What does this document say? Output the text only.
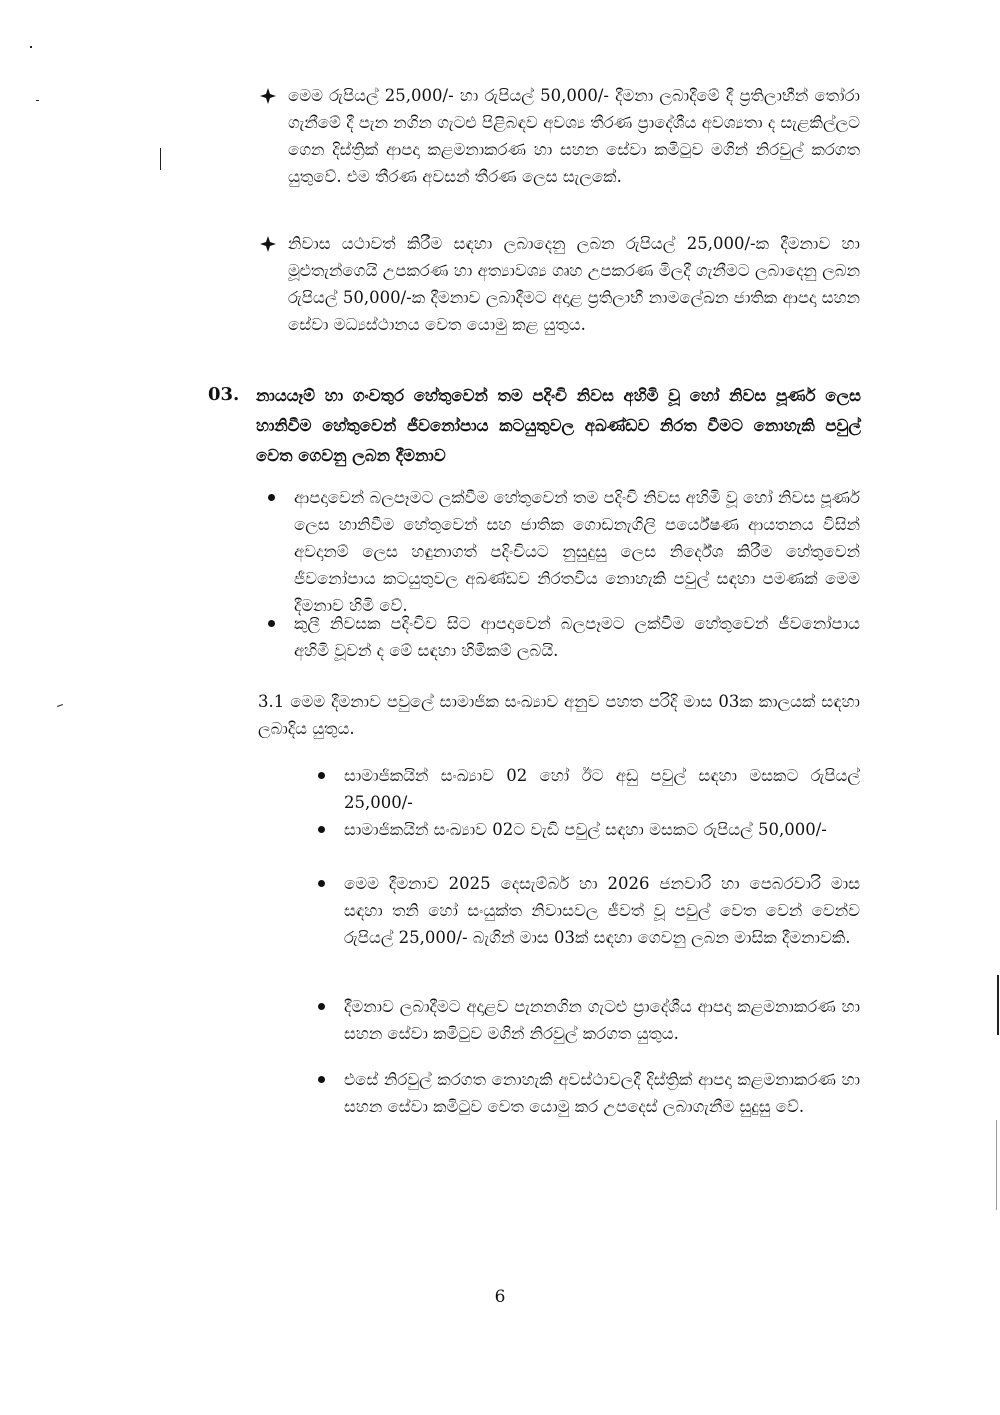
මෙම රුපියල් 25,000/- හා රුපියල් 50,000/- දීමනා ලබාදීමේ දී ප්‍රතිලාභීන් තෝරා ගැනීමේ දී පැන නගින ගැටළු පිළිබඳව අවශ්‍ය තීරණ ප්‍රාදේශීය අවශ්‍යතා ද සැළකිල්ලට ගෙන දිස්ත්‍රික් ආපදා කළමනාකරණ හා සහන සේවා කමිටුව මගින් නිරවුල් කරගත යුතුවේ. එම තීරණ අවසන් තීරණ ලෙස සැලකේ.
නිවාස යථාවත් කිරීම සඳහා ලබාදෙනු ලබන රුපියල් 25,000/-ක දීමනාව හා මූළුතැන්ගෙයි උපකරණ හා අත්‍යාවශ්‍ය ගෘහ උපකරණ මිලදී ගැනීමට ලබාදෙනු ලබන රුපියල් 50,000/-ක දීමනාව ලබාදීමට අදාළ ප්‍රතිලාභී නාමලේඛන ජාතික ආපදා සහන සේවා මධ්‍යස්ථානය වෙත යොමු කළ යුතුය.
03. නායයෑම් හා ගංවතුර හේතුවෙන් තම පදිංචි නිවස අහිමි වූ හෝ නිවස පූර්ණ ලෙස හානිවීම හේතුවෙන් ජීවනෝපාය කටයුතුවල අඛණ්ඩව නිරත වීමට නොහැකි පවුල් වෙත ගෙවනු ලබන දීමනාව
ආපදාවෙන් බලපෑමට ලක්වීම හේතුවෙන් තම පදිංචි නිවස අහිමි වූ හෝ නිවස පූර්ණ ලෙස හානිවීම හේතුවෙන් සහ ජාතික ගොඩනැගිලි පර්යේෂණ ආයතනය විසින් අවදානම් ලෙස හඳුනාගත් පදිංචියට නුසුදුසු ලෙස නිර්දේශ කිරීම හේතුවෙන් ජීවනෝපාය කටයුතුවල අඛණ්ඩව නිරතවිය නොහැකි පවුල් සඳහා පමණක් මෙම දීමනාව හිමි වේ.
කුලී නිවසක පදිංචිව සිට ආපදාවෙන් බලපෑමට ලක්වීම හේතුවෙන් ජීවනෝපාය අහිමි වූවන් ද මේ සඳහා හිමිකම් ලබයි.
3.1 මෙම දීමනාව පවුලේ සාමාජික සංඛ්‍යාව අනුව පහත පරිදි මාස 03ක කාලයක් සඳහා ලබාදිය යුතුය.
සාමාජිකයින් සංඛ්‍යාව 02 හෝ ඊට අඩු පවුල් සඳහා මසකට රුපියල් 25,000/-
සාමාජිකයින් සංඛ්‍යාව 02ට වැඩි පවුල් සඳහා මසකට රුපියල් 50,000/-
මෙම දීමනාව 2025 දෙසැම්බර් හා 2026 ජනවාරි හා පෙබරවාරි මාස සඳහා තනි හෝ සංයුක්ත නිවාසවල ජීවත් වූ පවුල් වෙත වෙන් වෙන්ව රුපියල් 25,000/- බැගින් මාස 03ක් සඳහා ගෙවනු ලබන මාසික දීමනාවකි.
දීමනාව ලබාදීමට අදාළව පැනනගින ගැටළු ප්‍රාදේශීය ආපදා කළමනාකරණ හා සහන සේවා කමිටුව මගින් නිරවුල් කරගත යුතුය.
එසේ නිරවුල් කරගත නොහැකි අවස්ථාවලදී දිස්ත්‍රික් ආපදා කළමනාකරණ හා සහන සේවා කමිටුව වෙත යොමු කර උපදෙස් ලබාගැනීම සුදුසු වේ.
6
